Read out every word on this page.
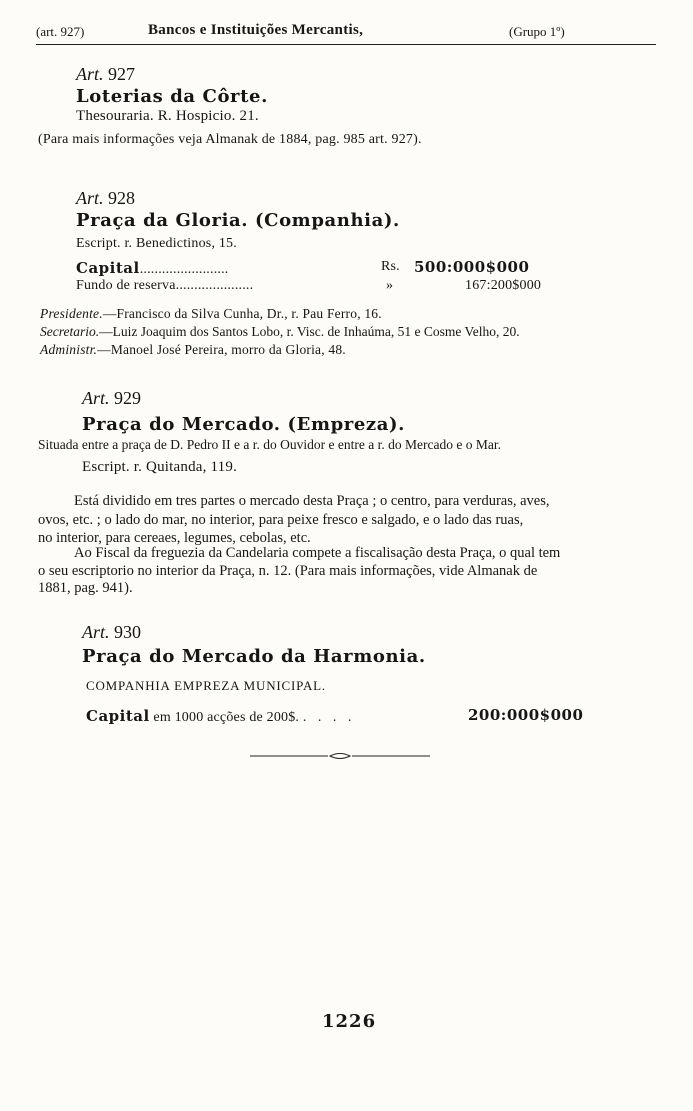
(art. 927)	Bancos e Instituições Mercantis,	(Grupo 1º)
Art. 927
Loterias da Côrte.
Thesouraria. R. Hospicio. 21.
(Para mais informações veja Almanak de 1884, pag. 985 art. 927).
Art. 928
Praça da Gloria. (Companhia).
Escript. r. Benedictinos, 15.
Capital........................	Rs. 500:000$000
Fundo de reserva.....................	»	167:200$000
Presidente.—Francisco da Silva Cunha, Dr., r. Pau Ferro, 16.
Secretario.—Luiz Joaquim dos Santos Lobo, r. Visc. de Inhaúma, 51 e Cosme Velho, 20.
Administr.—Manoel José Pereira, morro da Gloria, 48.
Art. 929
Praça do Mercado. (Empreza).
Situada entre a praça de D. Pedro II e a r. do Ouvidor e entre a r. do Mercado e o Mar.
Escript. r. Quitanda, 119.
Está dividido em tres partes o mercado desta Praça ; o centro, para verduras, aves,
ovos, etc. ; o lado do mar, no interior, para peixe fresco e salgado, e o lado das ruas,
no interior, para cereaes, legumes, cebolas, etc.
Ao Fiscal da freguezia da Candelaria compete a fiscalisação desta Praça, o qual tem
o seu escriptorio no interior da Praça, n. 12. (Para mais informações, vide Almanak de
1881, pag. 941).
Art. 930
Praça do Mercado da Harmonia.
COMPANHIA EMPREZA MUNICIPAL.
Capital em 1000 acções de 200$. . . . .	200:000$000
1226
